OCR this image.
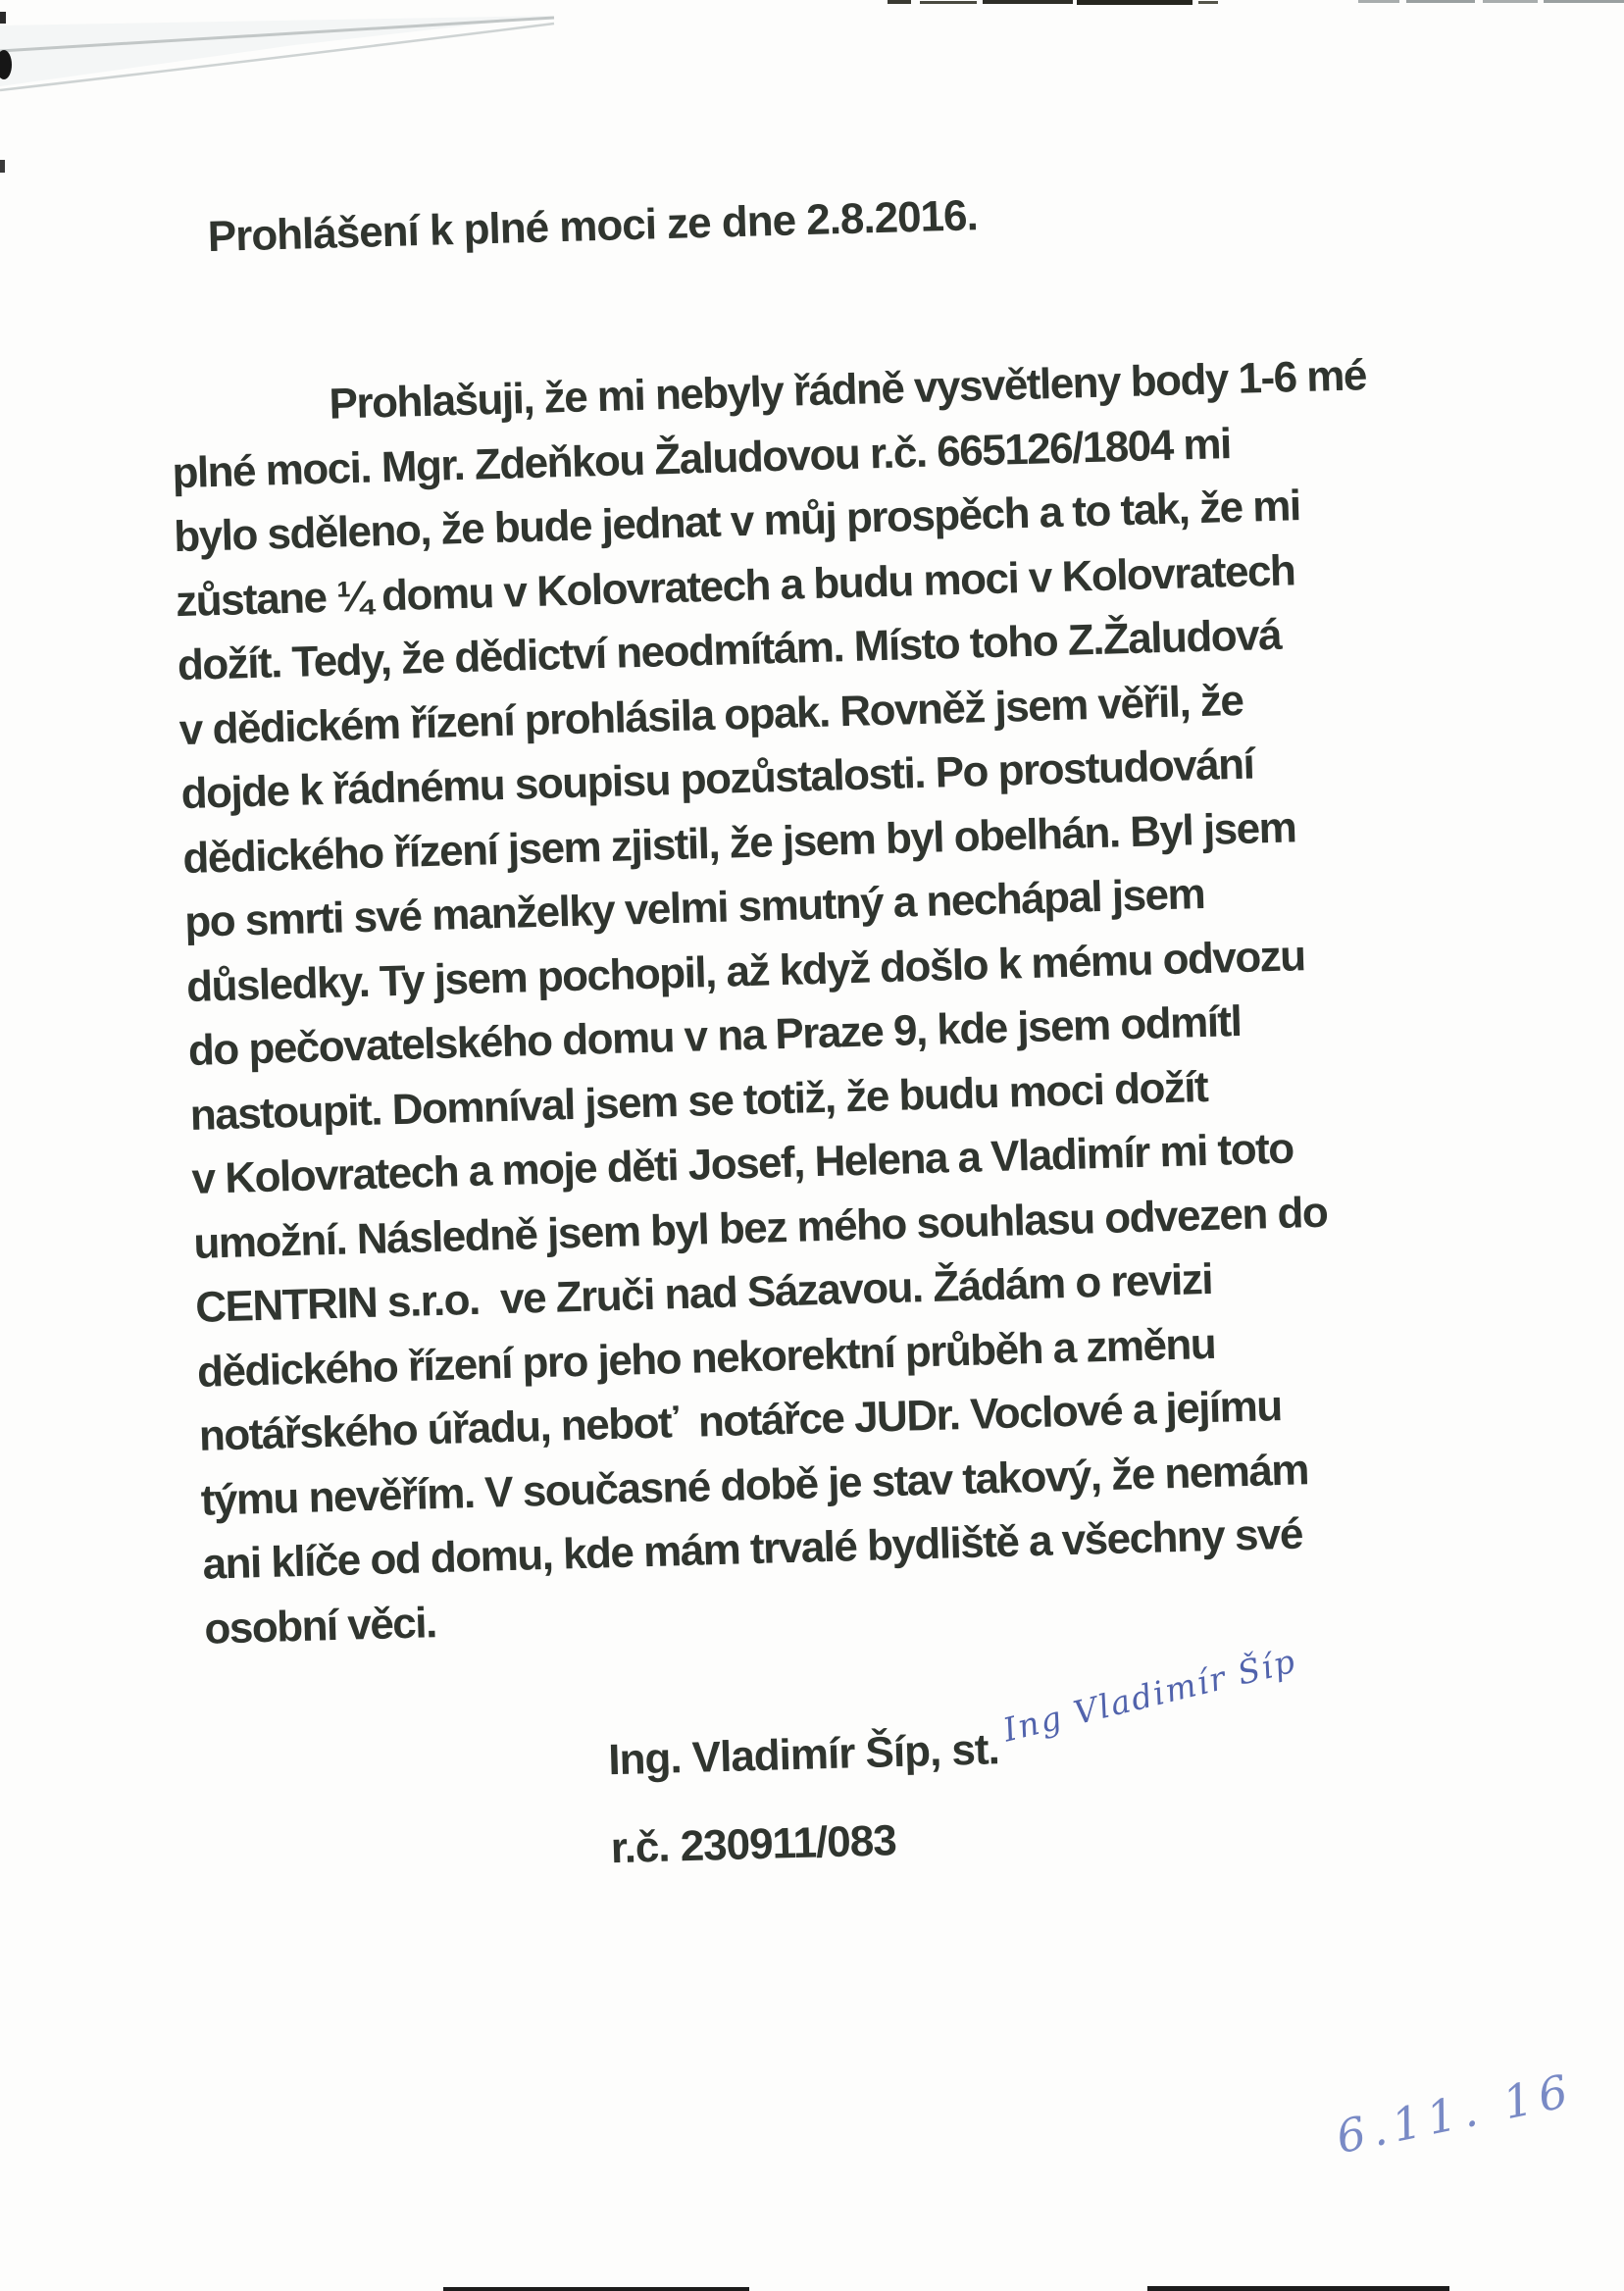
Prohlášení k plné moci ze dne 2.8.2016.
Prohlašuji, že mi nebyly řádně vysvětleny body 1-6 mé
plné moci. Mgr. Zdeňkou Žaludovou r.č. 665126/1804 mi
bylo sděleno, že bude jednat v můj prospěch a to tak, že mi
zůstane ¼ domu v Kolovratech a budu moci v Kolovratech
dožít. Tedy, že dědictví neodmítám. Místo toho Z.Žaludová
v dědickém řízení prohlásila opak. Rovněž jsem věřil, že
dojde k řádnému soupisu pozůstalosti. Po prostudování
dědického řízení jsem zjistil, že jsem byl obelhán. Byl jsem
po smrti své manželky velmi smutný a nechápal jsem
důsledky. Ty jsem pochopil, až když došlo k mému odvozu
do pečovatelského domu v na Praze 9, kde jsem odmítl
nastoupit. Domníval jsem se totiž, že budu moci dožít
v Kolovratech a moje děti Josef, Helena a Vladimír mi toto
umožní. Následně jsem byl bez mého souhlasu odvezen do
CENTRIN s.r.o.  ve Zruči nad Sázavou. Žádám o revizi
dědického řízení pro jeho nekorektní průběh a změnu
notářského úřadu, neboť  notářce JUDr. Voclové a jejímu
týmu nevěřím. V současné době je stav takový, že nemám
ani klíče od domu, kde mám trvalé bydliště a všechny své
osobní věci.
Ing. Vladimír Šíp, st.
Ing Vladimír Šíp
r.č. 230911/083
6.11. 16
